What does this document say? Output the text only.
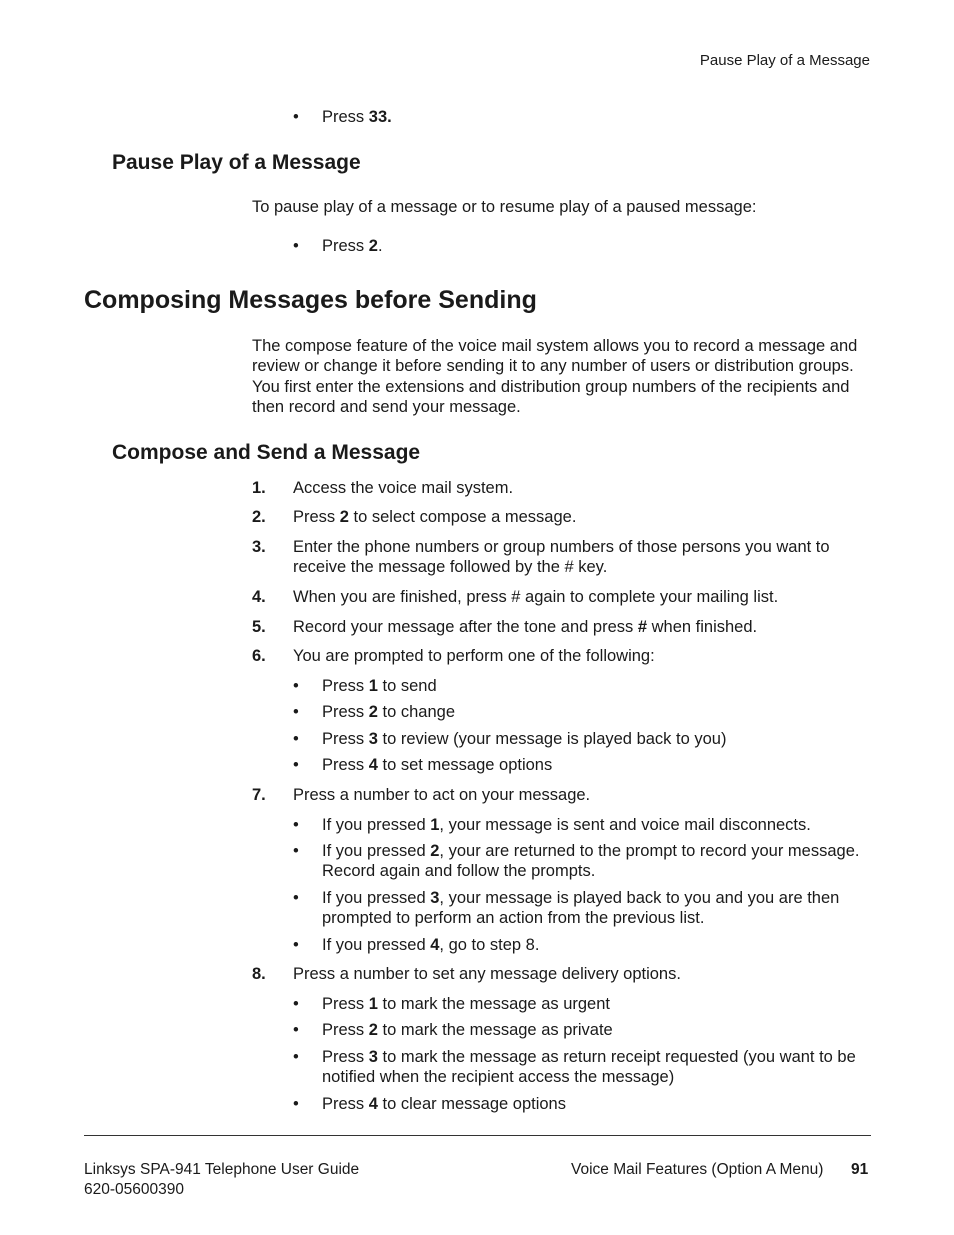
Pause Play of a Message
•	Press 33.
Pause Play of a Message
To pause play of a message or to resume play of a paused message:
•	Press 2.
Composing Messages before Sending
The compose feature of the voice mail system allows you to record a message and
review or change it before sending it to any number of users or distribution groups.
You first enter the extensions and distribution group numbers of the recipients and
then record and send your message.
Compose and Send a Message
1. Access the voice mail system.
2. Press 2 to select compose a message.
3. Enter the phone numbers or group numbers of those persons you want to
receive the message followed by the # key.
4. When you are finished, press # again to complete your mailing list.
5. Record your message after the tone and press # when finished.
6. You are prompted to perform one of the following:
•	Press 1 to send
•	Press 2 to change
•	Press 3 to review (your message is played back to you)
•	Press 4 to set message options
7. Press a number to act on your message.
•	If you pressed 1, your message is sent and voice mail disconnects.
•	If you pressed 2, your are returned to the prompt to record your message.
Record again and follow the prompts.
•	If you pressed 3, your message is played back to you and you are then
prompted to perform an action from the previous list.
•	If you pressed 4, go to step 8.
8. Press a number to set any message delivery options.
•	Press 1 to mark the message as urgent
•	Press 2 to mark the message as private
•	Press 3 to mark the message as return receipt requested (you want to be
notified when the recipient access the message)
•	Press 4 to clear message options
Linksys SPA-941 Telephone User Guide
620-05600390
Voice Mail Features (Option A Menu) 91
